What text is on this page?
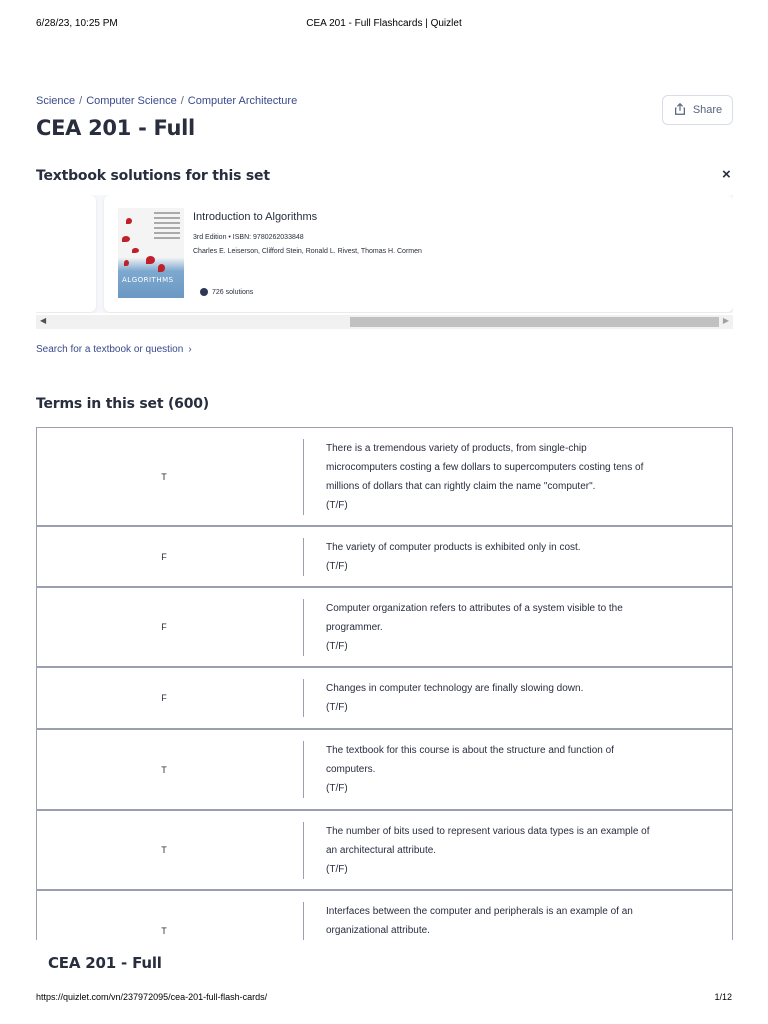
6/28/23, 10:25 PM	CEA 201 - Full Flashcards | Quizlet
Science / Computer Science / Computer Architecture
CEA 201 - Full
Share
Textbook solutions for this set	×
ALGORITHMS
Introduction to Algorithms
3rd Edition • ISBN: 9780262033848
Charles E. Leiserson, Clifford Stein, Ronald L. Rivest, Thomas H. Cormen
726 solutions
◀	▶
Search for a textbook or question ›
Terms in this set (600)
T
There is a tremendous variety of products, from single-chip
microcomputers costing a few dollars to supercomputers costing tens of
millions of dollars that can rightly claim the name "computer".
(T/F)
F
The variety of computer products is exhibited only in cost.
(T/F)
F
Computer organization refers to attributes of a system visible to the
programmer.
(T/F)
F
Changes in computer technology are finally slowing down.
(T/F)
T
The textbook for this course is about the structure and function of
computers.
(T/F)
T
The number of bits used to represent various data types is an example of
an architectural attribute.
(T/F)
T
Interfaces between the computer and peripherals is an example of an
organizational attribute.
CEA 201 - Full
https://quizlet.com/vn/237972095/cea-201-full-flash-cards/	1/12
